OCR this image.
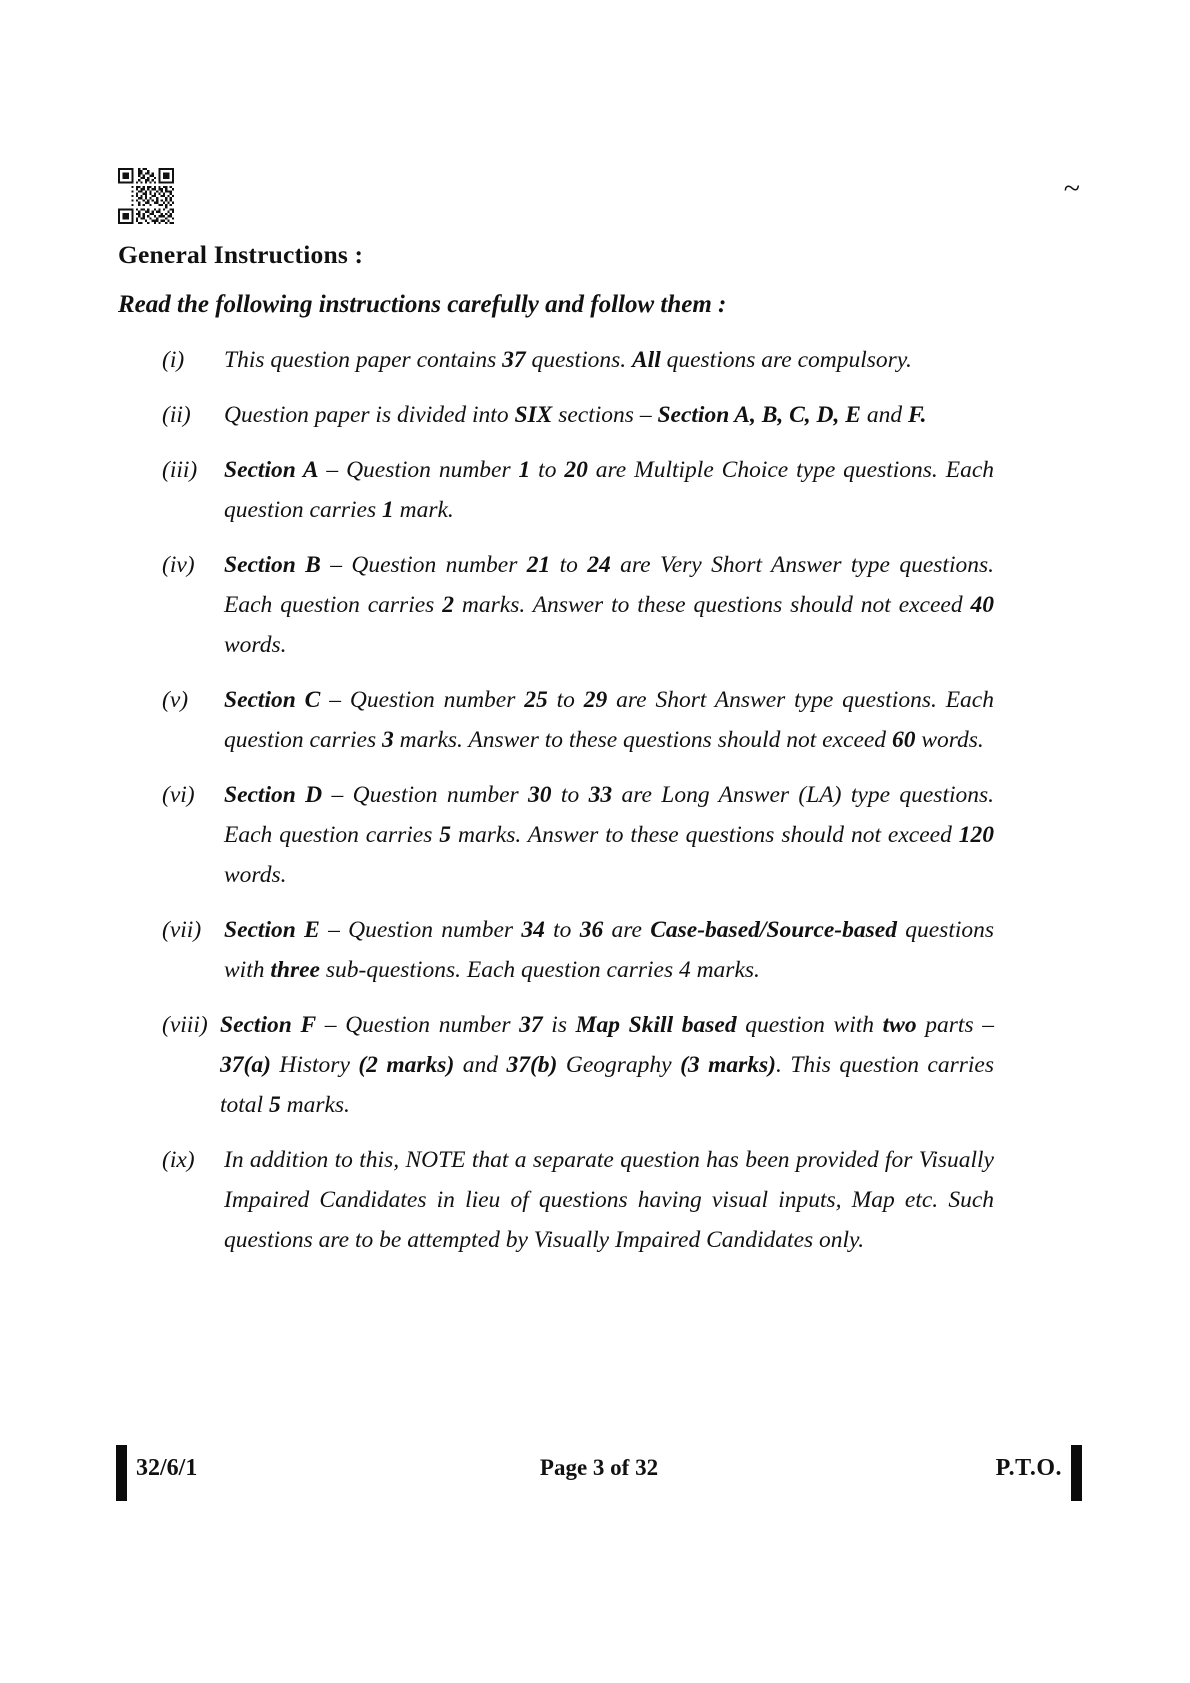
~
General Instructions :
Read the following instructions carefully and follow them :
(i)	This question paper contains 37 questions. All questions are compulsory.
(ii)	Question paper is divided into SIX sections – Section A, B, C, D, E and F.
(iii)	Section A – Question number 1 to 20 are Multiple Choice type questions. Each question carries 1 mark.
(iv)	Section B – Question number 21 to 24 are Very Short Answer type questions. Each question carries 2 marks. Answer to these questions should not exceed 40 words.
(v)	Section C – Question number 25 to 29 are Short Answer type questions. Each question carries 3 marks. Answer to these questions should not exceed 60 words.
(vi)	Section D – Question number 30 to 33 are Long Answer (LA) type questions. Each question carries 5 marks. Answer to these questions should not exceed 120 words.
(vii) Section E – Question number 34 to 36 are Case-based/Source-based questions with three sub-questions. Each question carries 4 marks.
(viii) Section F – Question number 37 is Map Skill based question with two parts – 37(a) History (2 marks) and 37(b) Geography (3 marks). This question carries total 5 marks.
(ix)	In addition to this, NOTE that a separate question has been provided for Visually Impaired Candidates in lieu of questions having visual inputs, Map etc. Such questions are to be attempted by Visually Impaired Candidates only.
32/6/1	Page 3 of 32	P.T.O.
